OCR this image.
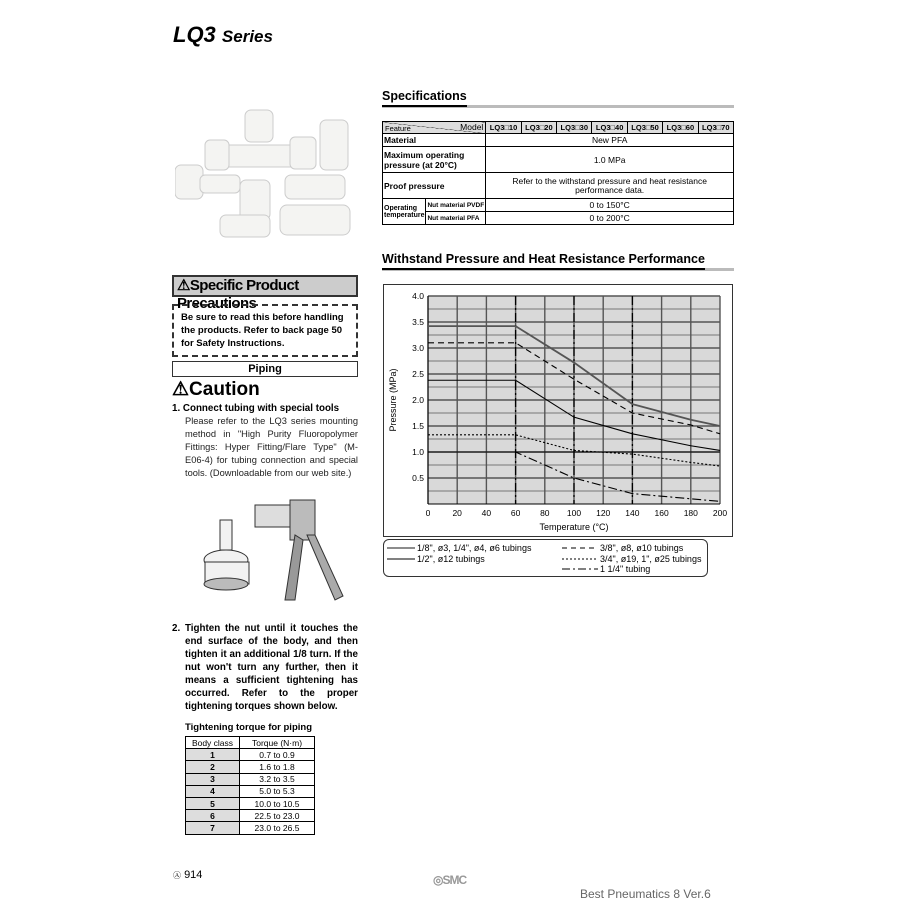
LQ3 Series
⚠Specific Product Precautions
Be sure to read this before handling the products. Refer to back page 50 for Safety Instructions.
Piping
⚠Caution
1. Connect tubing with special tools
Please refer to the LQ3 series mounting method in "High Purity Fluoropolymer Fittings: Hyper Fitting/Flare Type" (M-E06-4) for tubing connection and special tools. (Downloadable from our web site.)
2. Tighten the nut until it touches the end surface of the body, and then tighten it an additional 1/8 turn. If the nut won't turn any further, then it means a sufficient tightening has occurred. Refer to the proper tightening torques shown below.
Tightening torque for piping
Body class	Torque (N·m)
1	0.7 to 0.9
2	1.6 to 1.8
3	3.2 to 3.5
4	5.0 to 5.3
5	10.0 to 10.5
6	22.5 to 23.0
7	23.0 to 26.5
Specifications
Feature Model		LQ3□10	LQ3□20	LQ3□30	LQ3□40	LQ3□50	LQ3□60	LQ3□70
Material		New PFA						
Maximum operating pressure (at 20°C)		1.0 MPa						
Proof pressure		Refer to the withstand pressure and heat resistance performance data.						
Operating temperature	Nut material PVDF	0 to 150°C						
	Nut material PFA	0 to 200°C						
Withstand Pressure and Heat Resistance Performance
0	20 40 60 80 100 120 140 160 180 200
0.5
1.0
1.5
2.0
2.5
3.0
3.5
4.0
Temperature (°C)
Pressure (MPa)
1/8", ø3, 1/4", ø4, ø6 tubings
1/2", ø12 tubings
3/8", ø8, ø10 tubings
3/4", ø19, 1", ø25 tubings
1 1/4" tubing
Ⓐ 914	◎SMC
Best Pneumatics 8 Ver.6
